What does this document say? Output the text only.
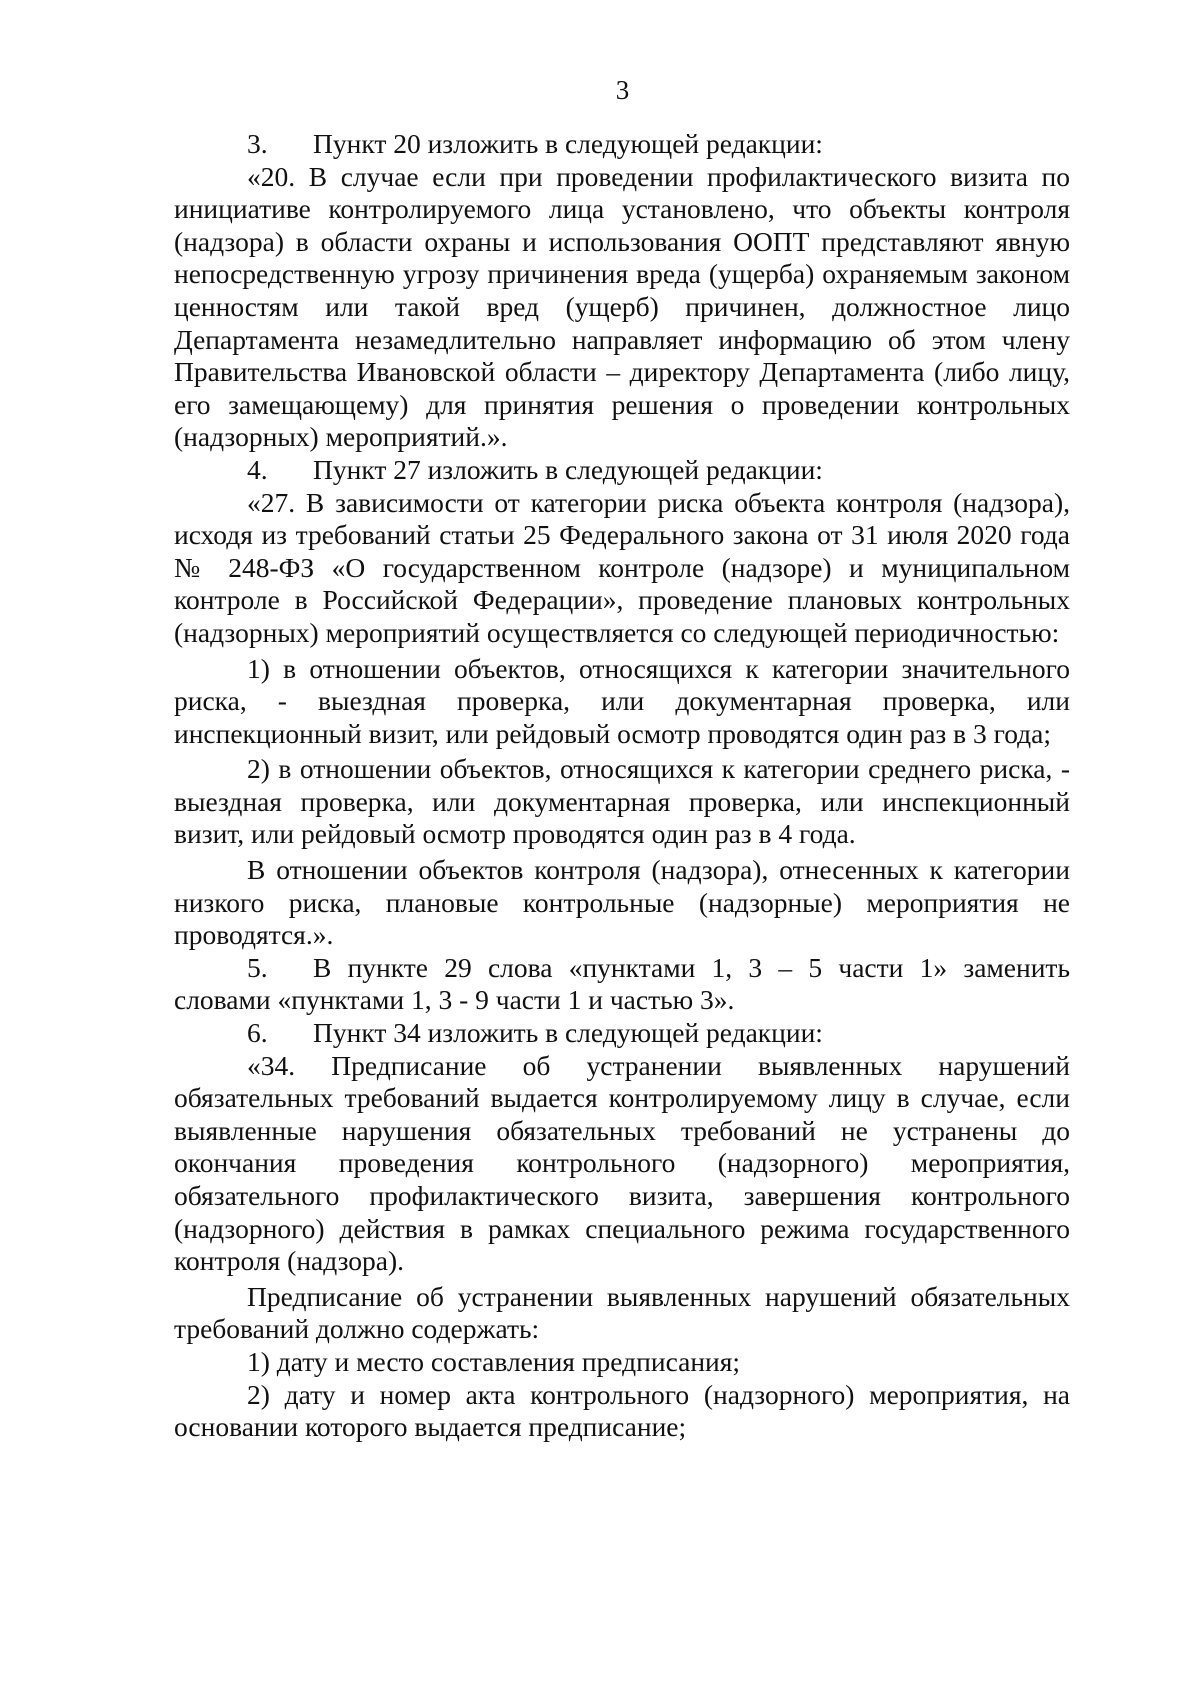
3
3. Пункт 20 изложить в следующей редакции:

«20. В случае если при проведении профилактического визита по инициативе контролируемого лица установлено, что объекты контроля (надзора) в области охраны и использования ООПТ представляют явную непосредственную угрозу причинения вреда (ущерба) охраняемым законом ценностям или такой вред (ущерб) причинен, должностное лицо Департамента незамедлительно направляет информацию об этом члену Правительства Ивановской области – директору Департамента (либо лицу, его замещающему) для принятия решения о проведении контрольных (надзорных) мероприятий.».

4. Пункт 27 изложить в следующей редакции:

«27. В зависимости от категории риска объекта контроля (надзора), исходя из требований статьи 25 Федерального закона от 31 июля 2020 года № 248-ФЗ «О государственном контроле (надзоре) и муниципальном контроле в Российской Федерации», проведение плановых контрольных (надзорных) мероприятий осуществляется со следующей периодичностью:

1) в отношении объектов, относящихся к категории значительного риска, - выездная проверка, или документарная проверка, или инспекционный визит, или рейдовый осмотр проводятся один раз в 3 года;

2) в отношении объектов, относящихся к категории среднего риска, - выездная проверка, или документарная проверка, или инспекционный визит, или рейдовый осмотр проводятся один раз в 4 года.

В отношении объектов контроля (надзора), отнесенных к категории низкого риска, плановые контрольные (надзорные) мероприятия не проводятся.».

5. В пункте 29 слова «пунктами 1, 3 – 5 части 1» заменить словами «пунктами 1, 3 - 9 части 1 и частью 3».
6. Пункт 34 изложить в следующей редакции:

«34. Предписание об устранении выявленных нарушений обязательных требований выдается контролируемому лицу в случае, если выявленные нарушения обязательных требований не устранены до окончания проведения контрольного (надзорного) мероприятия, обязательного профилактического визита, завершения контрольного (надзорного) действия в рамках специального режима государственного контроля (надзора).

Предписание об устранении выявленных нарушений обязательных требований должно содержать:

1) дату и место составления предписания;

2) дату и номер акта контрольного (надзорного) мероприятия, на основании которого выдается предписание;
